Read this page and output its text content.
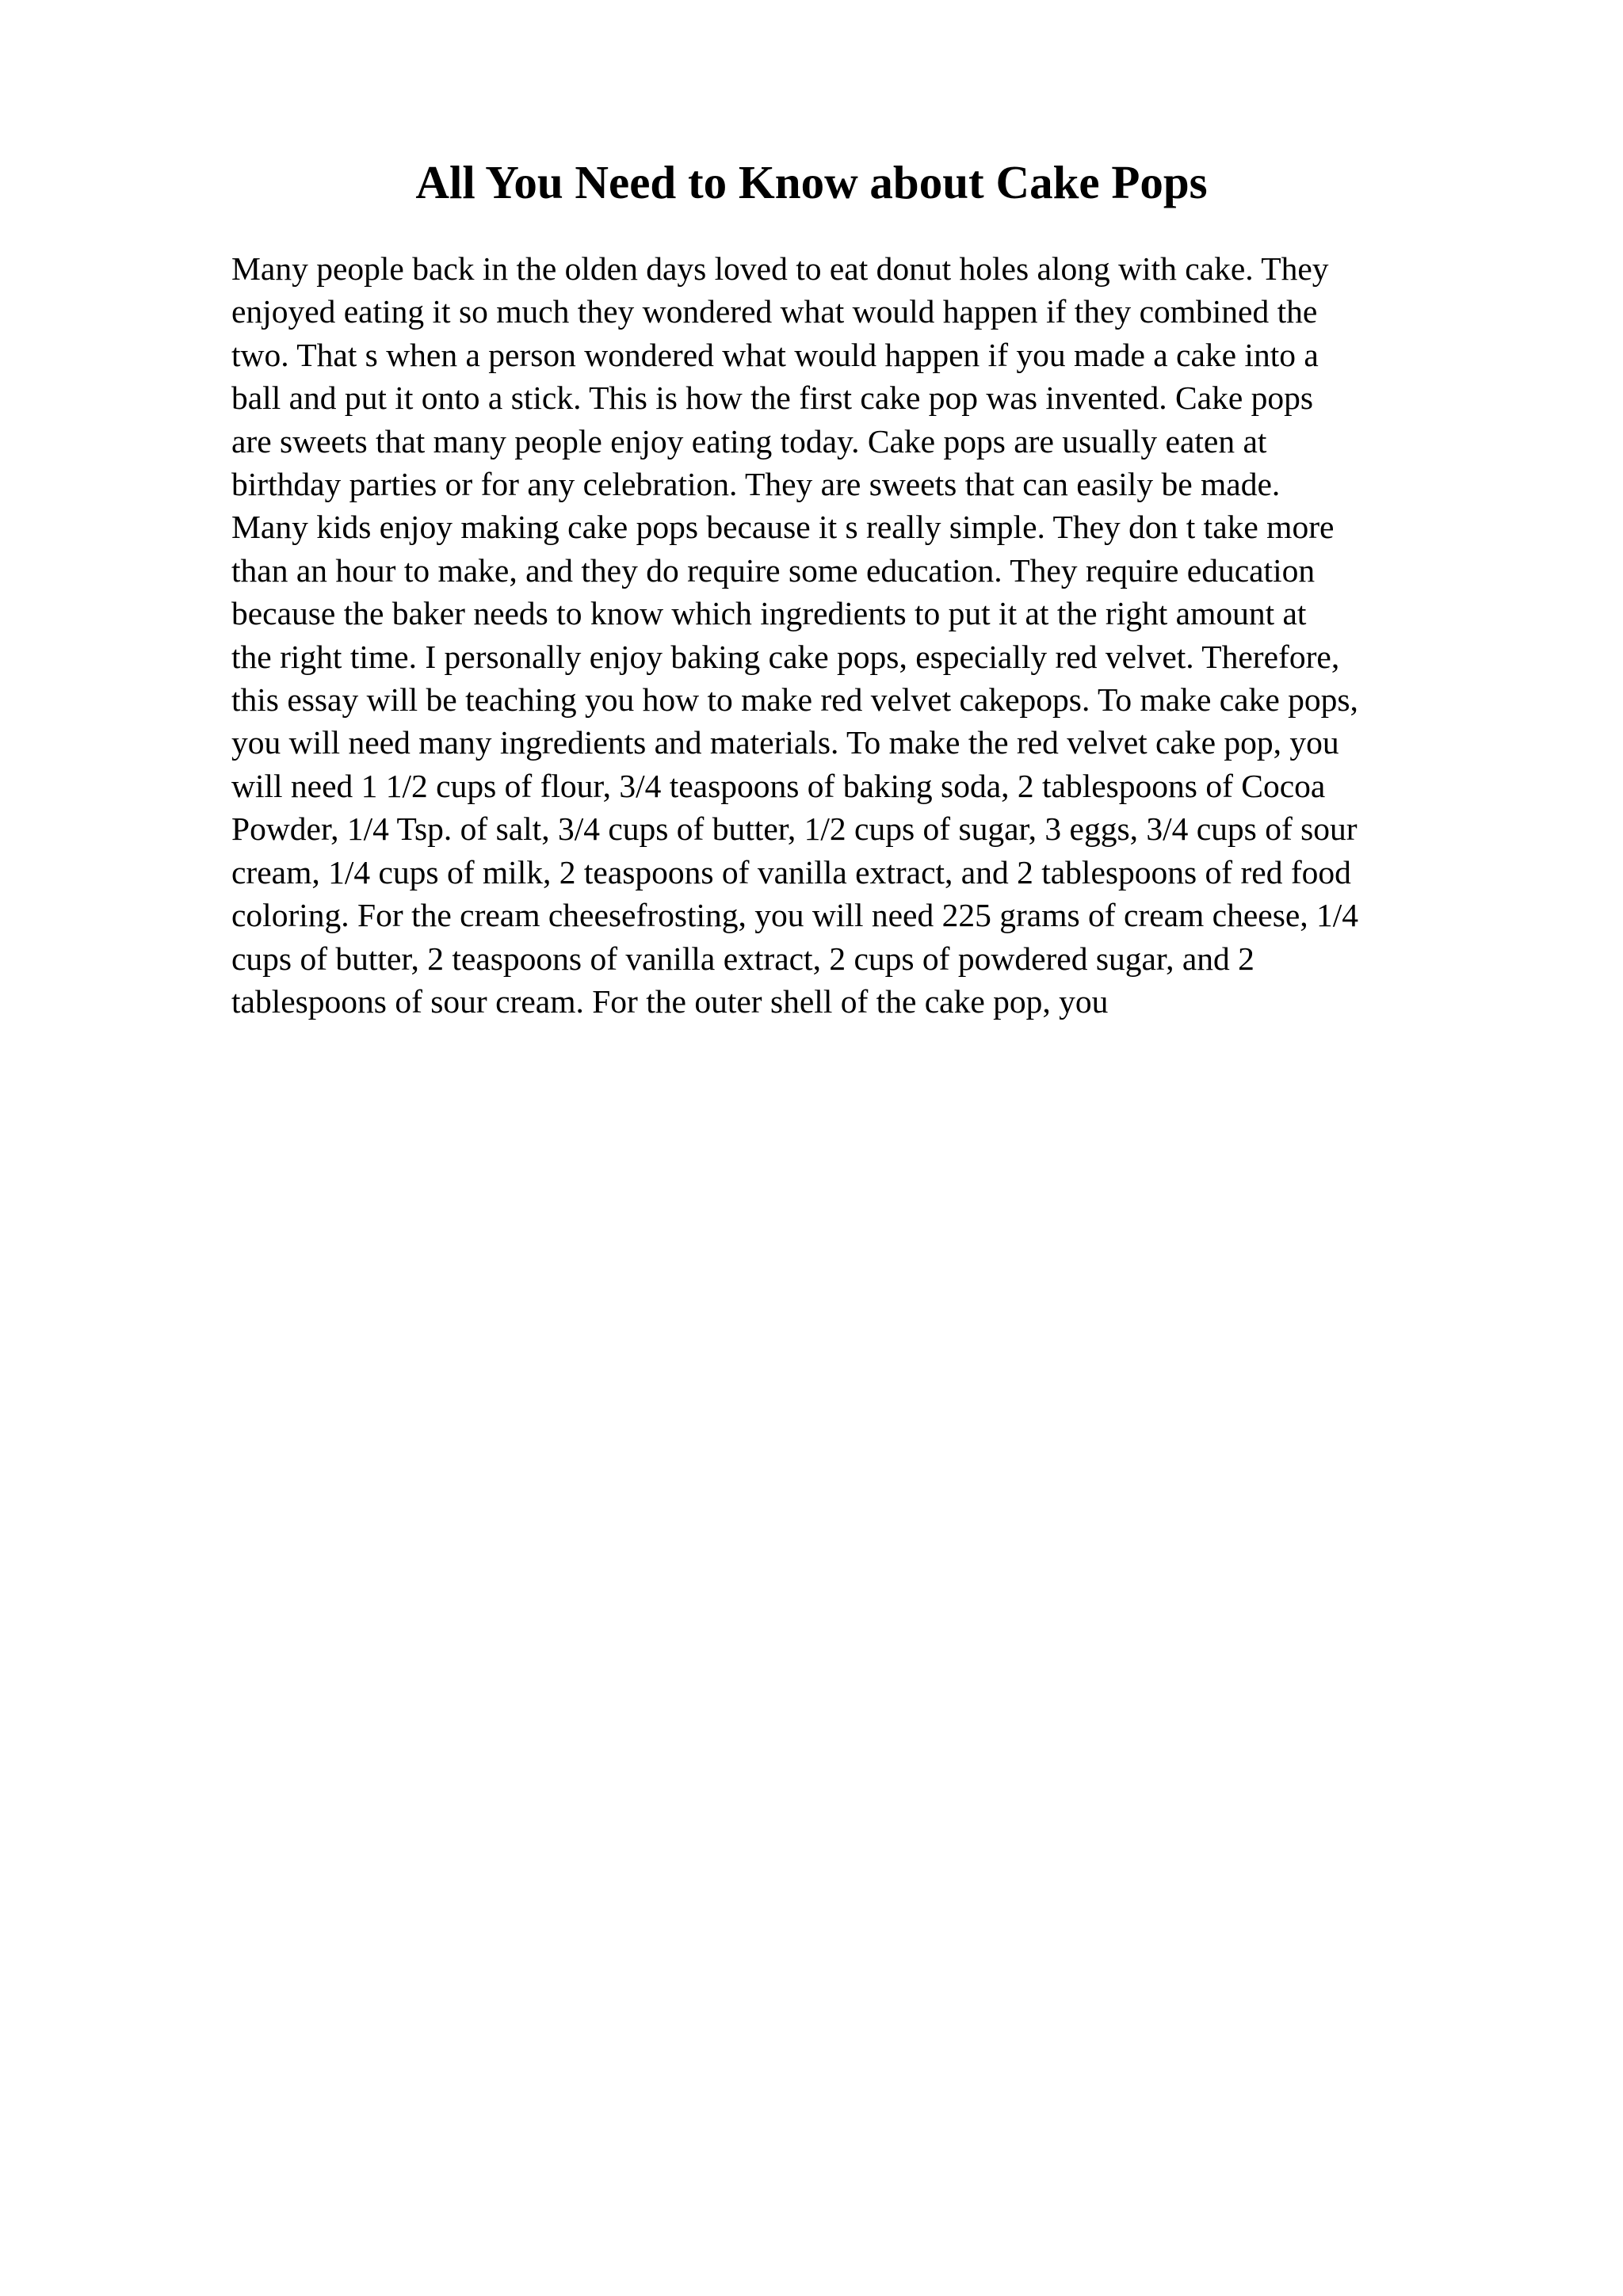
All You Need to Know about Cake Pops
Many people back in the olden days loved to eat donut holes along with cake. They
enjoyed eating it so much they wondered what would happen if they combined the
two. That s when a person wondered what would happen if you made a cake into a
ball and put it onto a stick. This is how the first cake pop was invented. Cake pops
are sweets that many people enjoy eating today. Cake pops are usually eaten at
birthday parties or for any celebration. They are sweets that can easily be made.
Many kids enjoy making cake pops because it s really simple. They don t take more
than an hour to make, and they do require some education. They require education
because the baker needs to know which ingredients to put it at the right amount at
the right time. I personally enjoy baking cake pops, especially red velvet. Therefore,
this essay will be teaching you how to make red velvet cakepops. To make cake pops,
you will need many ingredients and materials. To make the red velvet cake pop, you
will need 1 1/2 cups of flour, 3/4 teaspoons of baking soda, 2 tablespoons of Cocoa
Powder, 1/4 Tsp. of salt, 3/4 cups of butter, 1/2 cups of sugar, 3 eggs, 3/4 cups of sour
cream, 1/4 cups of milk, 2 teaspoons of vanilla extract, and 2 tablespoons of red food
coloring. For the cream cheesefrosting, you will need 225 grams of cream cheese, 1/4
cups of butter, 2 teaspoons of vanilla extract, 2 cups of powdered sugar, and 2
tablespoons of sour cream. For the outer shell of the cake pop, you
